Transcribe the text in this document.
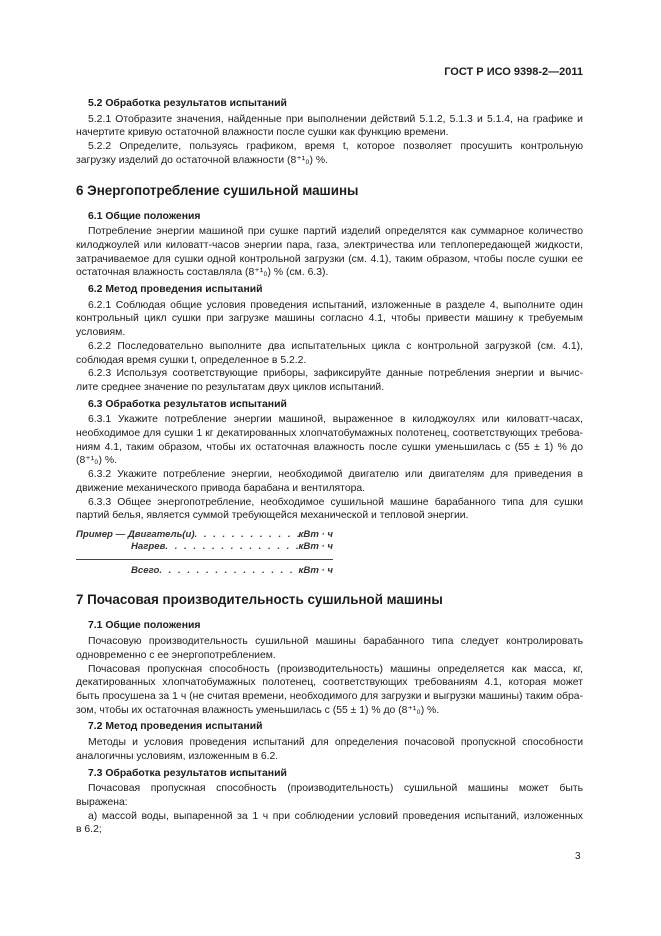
ГОСТ Р ИСО 9398-2—2011
5.2 Обработка результатов испытаний
5.2.1 Отобразите значения, найденные при выполнении действий 5.1.2, 5.1.3 и 5.1.4, на графике и
начертите кривую остаточной влажности после сушки как функцию времени.
5.2.2 Определите, пользуясь графиком, время t, которое позволяет просушить контрольную
загрузку изделий до остаточной влажности (8⁺¹₀) %.
6 Энергопотребление сушильной машины
6.1 Общие положения
Потребление энергии машиной при сушке партий изделий определятся как суммарное количество
килоджоулей или киловатт-часов энергии пара, газа, электричества или теплопередающей жидкости,
затрачиваемое для сушки одной контрольной загрузки (см. 4.1), таким образом, чтобы после сушки ее
остаточная влажность составляла (8⁺¹₀) % (см. 6.3).
6.2 Метод проведения испытаний
6.2.1 Соблюдая общие условия проведения испытаний, изложенные в разделе 4, выполните один
контрольный цикл сушки при загрузке машины согласно 4.1, чтобы привести машину к требуемым
условиям.
6.2.2 Последовательно выполните два испытательных цикла с контрольной загрузкой (см. 4.1),
соблюдая время сушки t, определенное в 5.2.2.
6.2.3 Используя соответствующие приборы, зафиксируйте данные потребления энергии и вычис-
лите среднее значение по результатам двух циклов испытаний.
6.3 Обработка результатов испытаний
6.3.1 Укажите потребление энергии машиной, выраженное в килоджоулях или киловатт-часах,
необходимое для сушки 1 кг декатированных хлопчатобумажных полотенец, соответствующих требова-
ниям 4.1, таким образом, чтобы их остаточная влажность после сушки уменьшилась с (55 ± 1) % до
(8⁺¹₀) %.
6.3.2 Укажите потребление энергии, необходимой двигателю или двигателям для приведения в
движение механического привода барабана и вентилятора.
6.3.3 Общее энергопотребление, необходимое сушильной машине барабанного типа для сушки
партий белья, является суммой требующейся механической и тепловой энергии.
Пример — Двигатель(и) . . .	кВт · ч
Нагрев . . .	кВт · ч
Всего . . .	кВт · ч
7 Почасовая производительность сушильной машины
7.1 Общие положения
Почасовую производительность сушильной машины барабанного типа следует контролировать
одновременно с ее энергопотреблением.
Почасовая пропускная способность (производительность) машины определяется как масса, кг,
декатированных хлопчатобумажных полотенец, соответствующих требованиям 4.1, которая может
быть просушена за 1 ч (не считая времени, необходимого для загрузки и выгрузки машины) таким обра-
зом, чтобы их остаточная влажность уменьшилась с (55 ± 1) % до (8⁺¹₀) %.
7.2 Метод проведения испытаний
Методы и условия проведения испытаний для определения почасовой пропускной способности
аналогичны условиям, изложенным в 6.2.
7.3 Обработка результатов испытаний
Почасовая пропускная способность (производительность) сушильной машины может быть
выражена:
а) массой воды, выпаренной за 1 ч при соблюдении условий проведения испытаний, изложенных
в 6.2;
3
